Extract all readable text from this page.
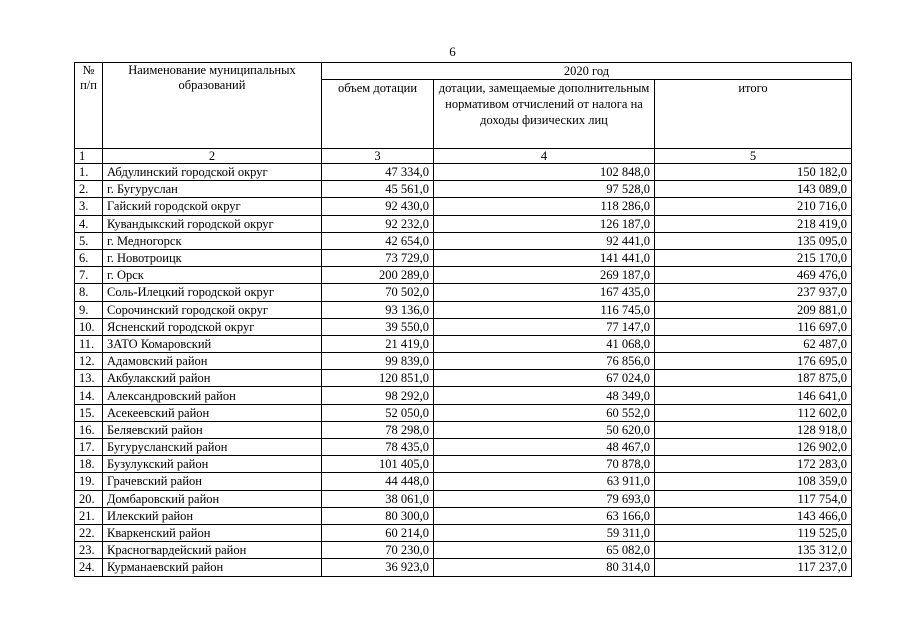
6
№ п/п	Наименование муниципальных образований	2020 год		
		объем дотации	дотации, замещаемые дополнительным нормативом отчислений от налога на доходы физических лиц	итого
1	2	3	4	5
1.	Абдулинский городской округ	47 334,0	102 848,0	150 182,0
2.	г. Бугуруслан	45 561,0	97 528,0	143 089,0
3.	Гайский городской округ	92 430,0	118 286,0	210 716,0
4.	Кувандыкский городской округ	92 232,0	126 187,0	218 419,0
5.	г. Медногорск	42 654,0	92 441,0	135 095,0
6.	г. Новотроицк	73 729,0	141 441,0	215 170,0
7.	г. Орск	200 289,0	269 187,0	469 476,0
8.	Соль-Илецкий городской округ	70 502,0	167 435,0	237 937,0
9.	Сорочинский городской округ	93 136,0	116 745,0	209 881,0
10.	Ясненский городской округ	39 550,0	77 147,0	116 697,0
11.	ЗАТО Комаровский	21 419,0	41 068,0	62 487,0
12.	Адамовский район	99 839,0	76 856,0	176 695,0
13.	Акбулакский район	120 851,0	67 024,0	187 875,0
14.	Александровский район	98 292,0	48 349,0	146 641,0
15.	Асекеевский район	52 050,0	60 552,0	112 602,0
16.	Беляевский район	78 298,0	50 620,0	128 918,0
17.	Бугурусланский район	78 435,0	48 467,0	126 902,0
18.	Бузулукский район	101 405,0	70 878,0	172 283,0
19.	Грачевский район	44 448,0	63 911,0	108 359,0
20.	Домбаровский район	38 061,0	79 693,0	117 754,0
21.	Илекский район	80 300,0	63 166,0	143 466,0
22.	Кваркенский район	60 214,0	59 311,0	119 525,0
23.	Красногвардейский район	70 230,0	65 082,0	135 312,0
24.	Курманаевский район	36 923,0	80 314,0	117 237,0
